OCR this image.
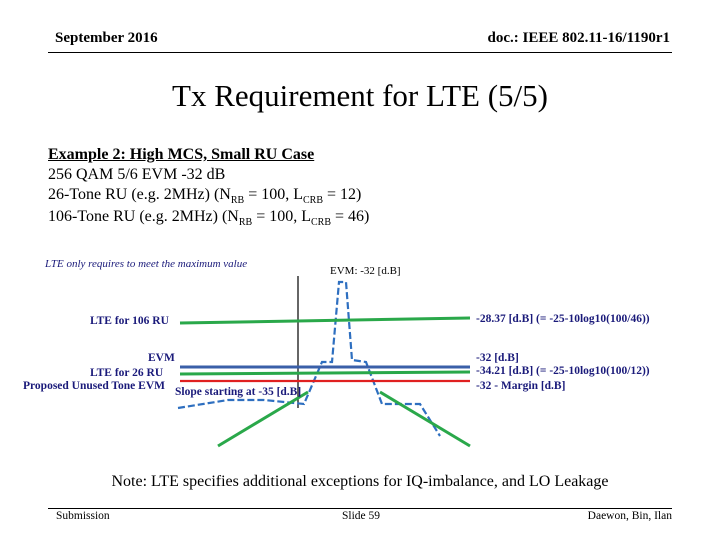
September 2016	doc.: IEEE 802.11-16/1190r1
Tx Requirement for LTE (5/5)
Example 2: High MCS, Small RU Case
256 QAM 5/6 EVM -32 dB
26-Tone RU (e.g. 2MHz) ($N_{RB} = 100$, $L_{CRB} = 12$)
106-Tone RU (e.g. 2MHz) ($N_{RB} = 100$, $L_{CRB} = 46$)
LTE only requires to meet the maximum value
EVM: -32 [d.B]
LTE for 106 RU
EVM
LTE for 26 RU
Proposed Unused Tone EVM Slope starting at -35 [d.B]
-28.37 [d.B] (= -25-10log10(100/46))
-32 [d.B]
-34.21 [d.B] (= -25-10log10(100/12))
-32 - Margin [d.B]
Note: LTE specifies additional exceptions for IQ-imbalance, and LO Leakage
Submission	Slide 59	Daewon, Bin, Ilan
